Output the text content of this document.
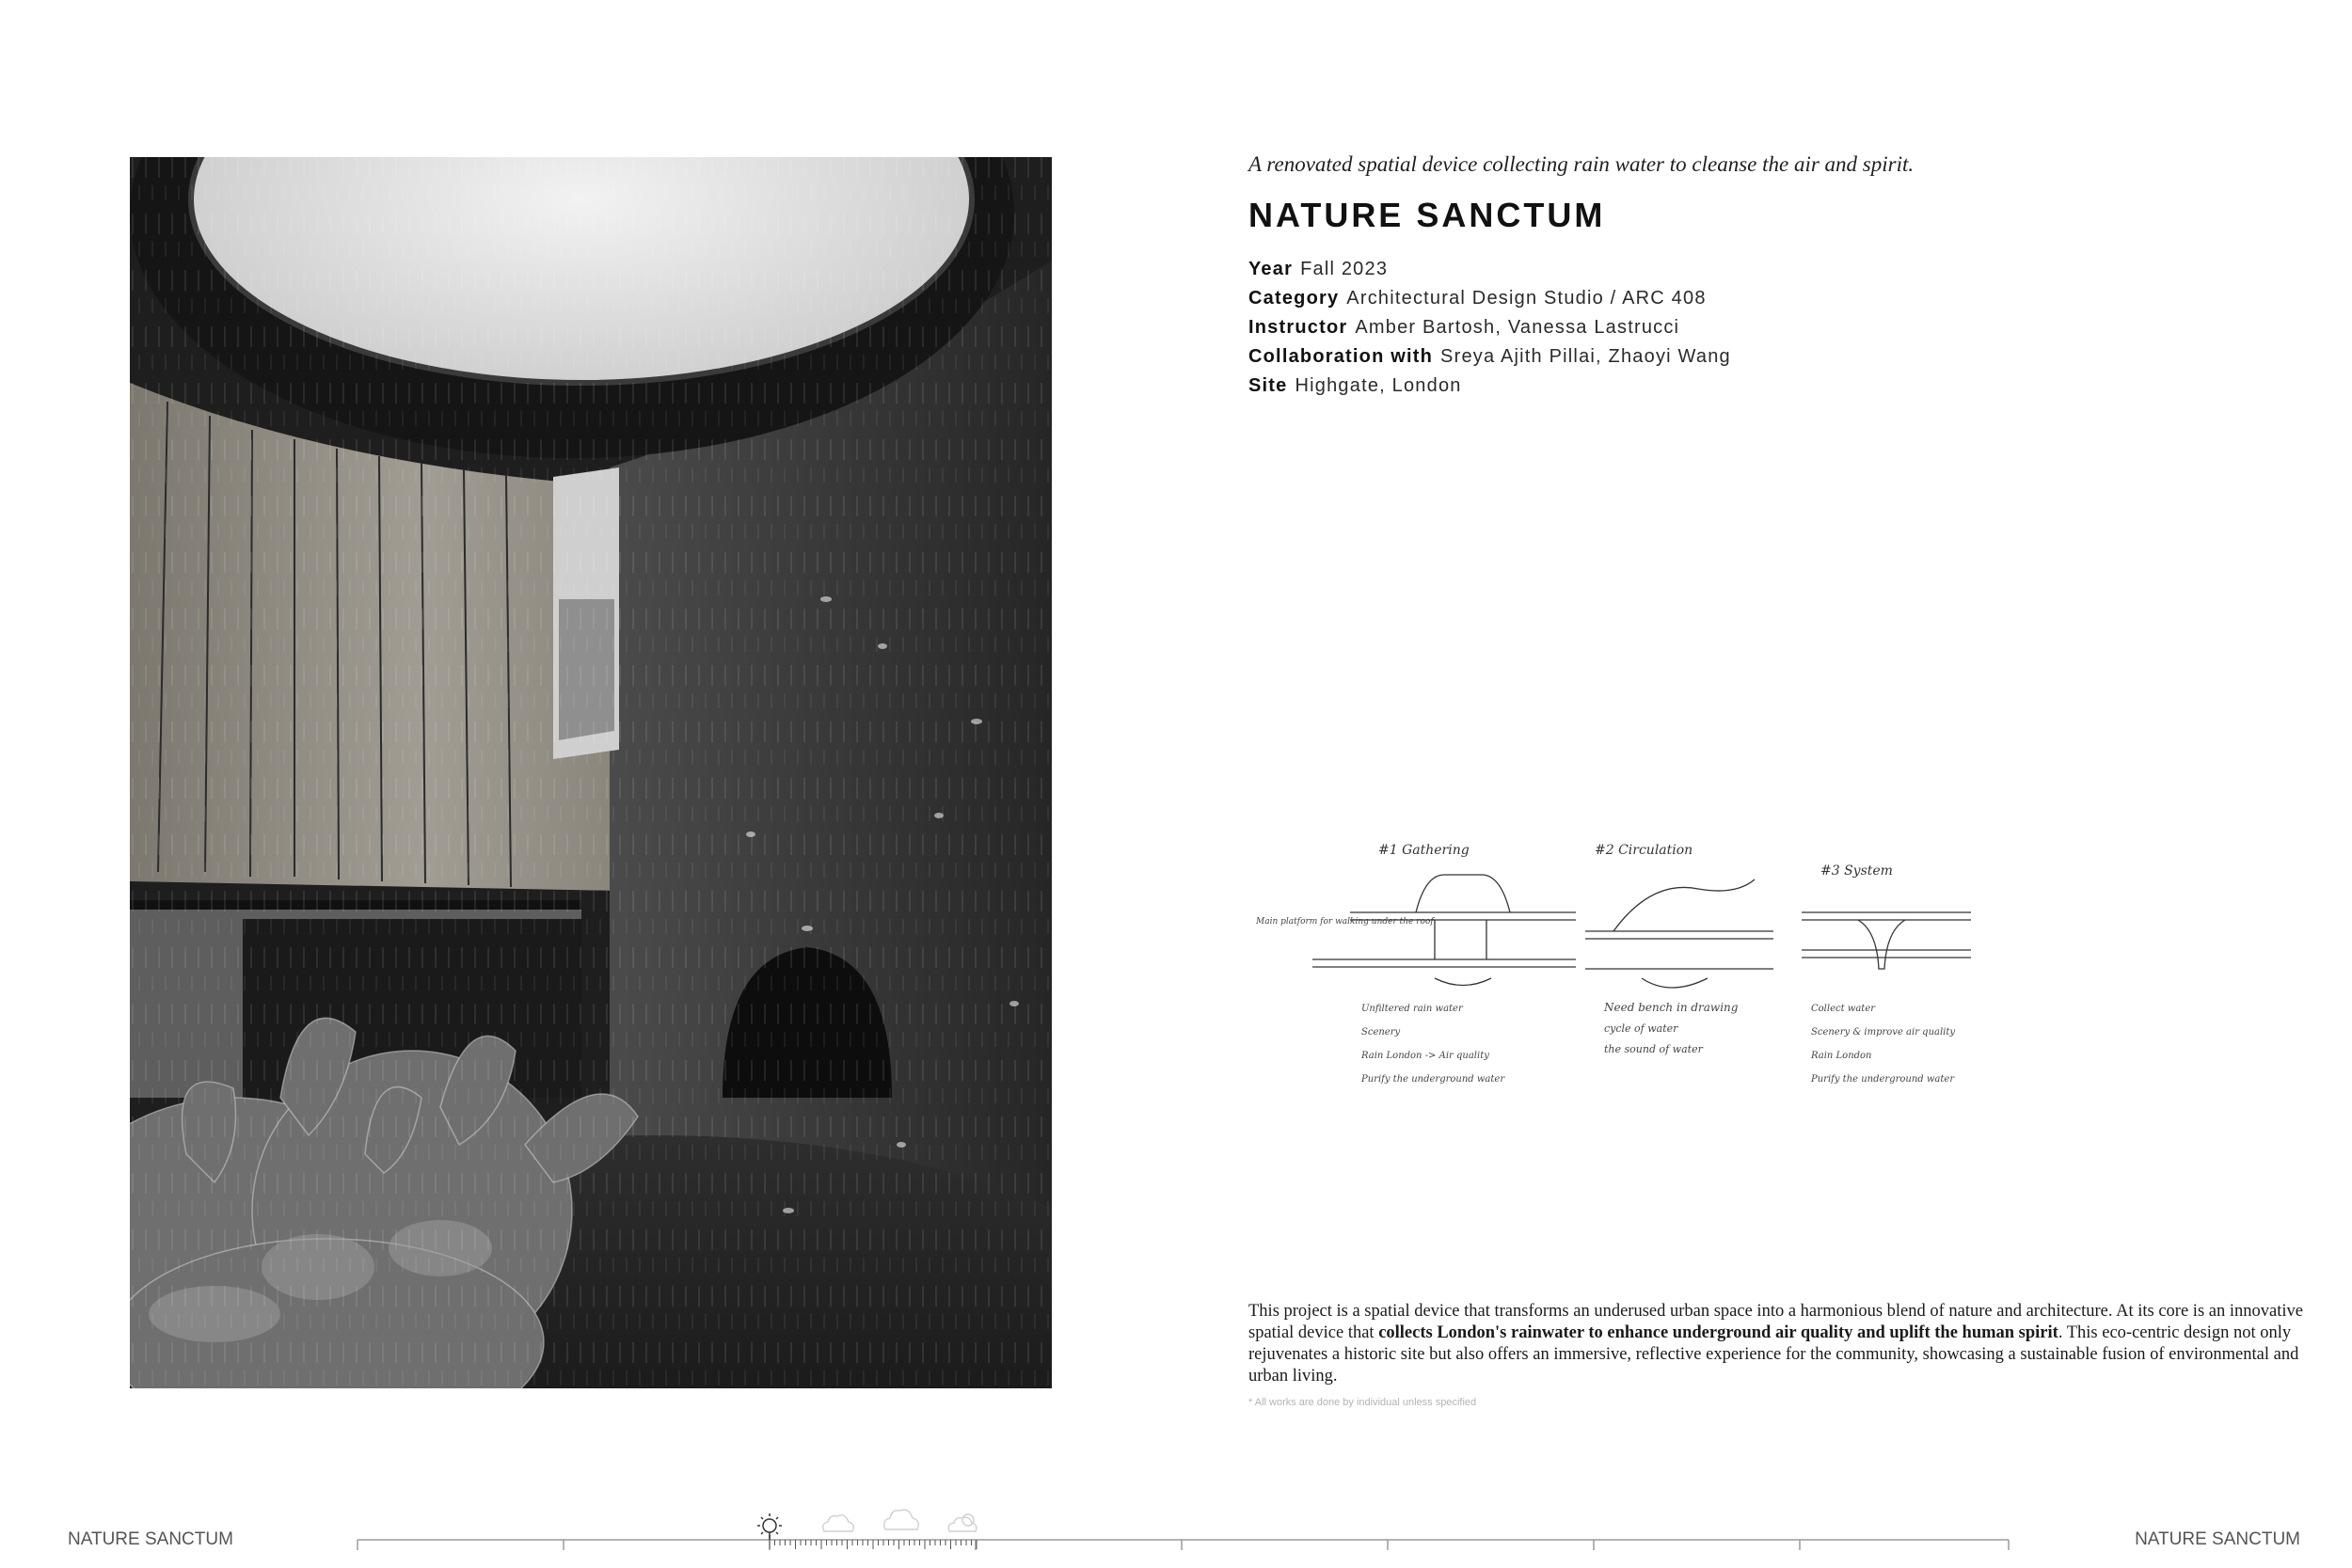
A renovated spatial device collecting rain water to cleanse the air and spirit.
NATURE SANCTUM
Year Fall 2023
Category Architectural Design Studio / ARC 408
Instructor Amber Bartosh, Vanessa Lastrucci
Collaboration with Sreya Ajith Pillai, Zhaoyi Wang
Site Highgate, London
#1 Gathering
Main platform for walking under the roof
Unfiltered rain water
Scenery
Rain London -> Air quality
Purify the underground water
#2 Circulation
Need bench in drawing
cycle of water
the sound of water
#3 System
Collect water
Scenery & improve air quality
Rain London
Purify the underground water
This project is a spatial device that transforms an underused urban space into a harmonious blend of nature and architecture. At its core is an innovative spatial device that collects London's rainwater to enhance underground air quality and uplift the human spirit. This eco-centric design not only rejuvenates a historic site but also offers an immersive, reflective experience for the community, showcasing a sustainable fusion of environmental and urban living.
* All works are done by individual unless specified
NATURE SANCTUM	NATURE SANCTUM
